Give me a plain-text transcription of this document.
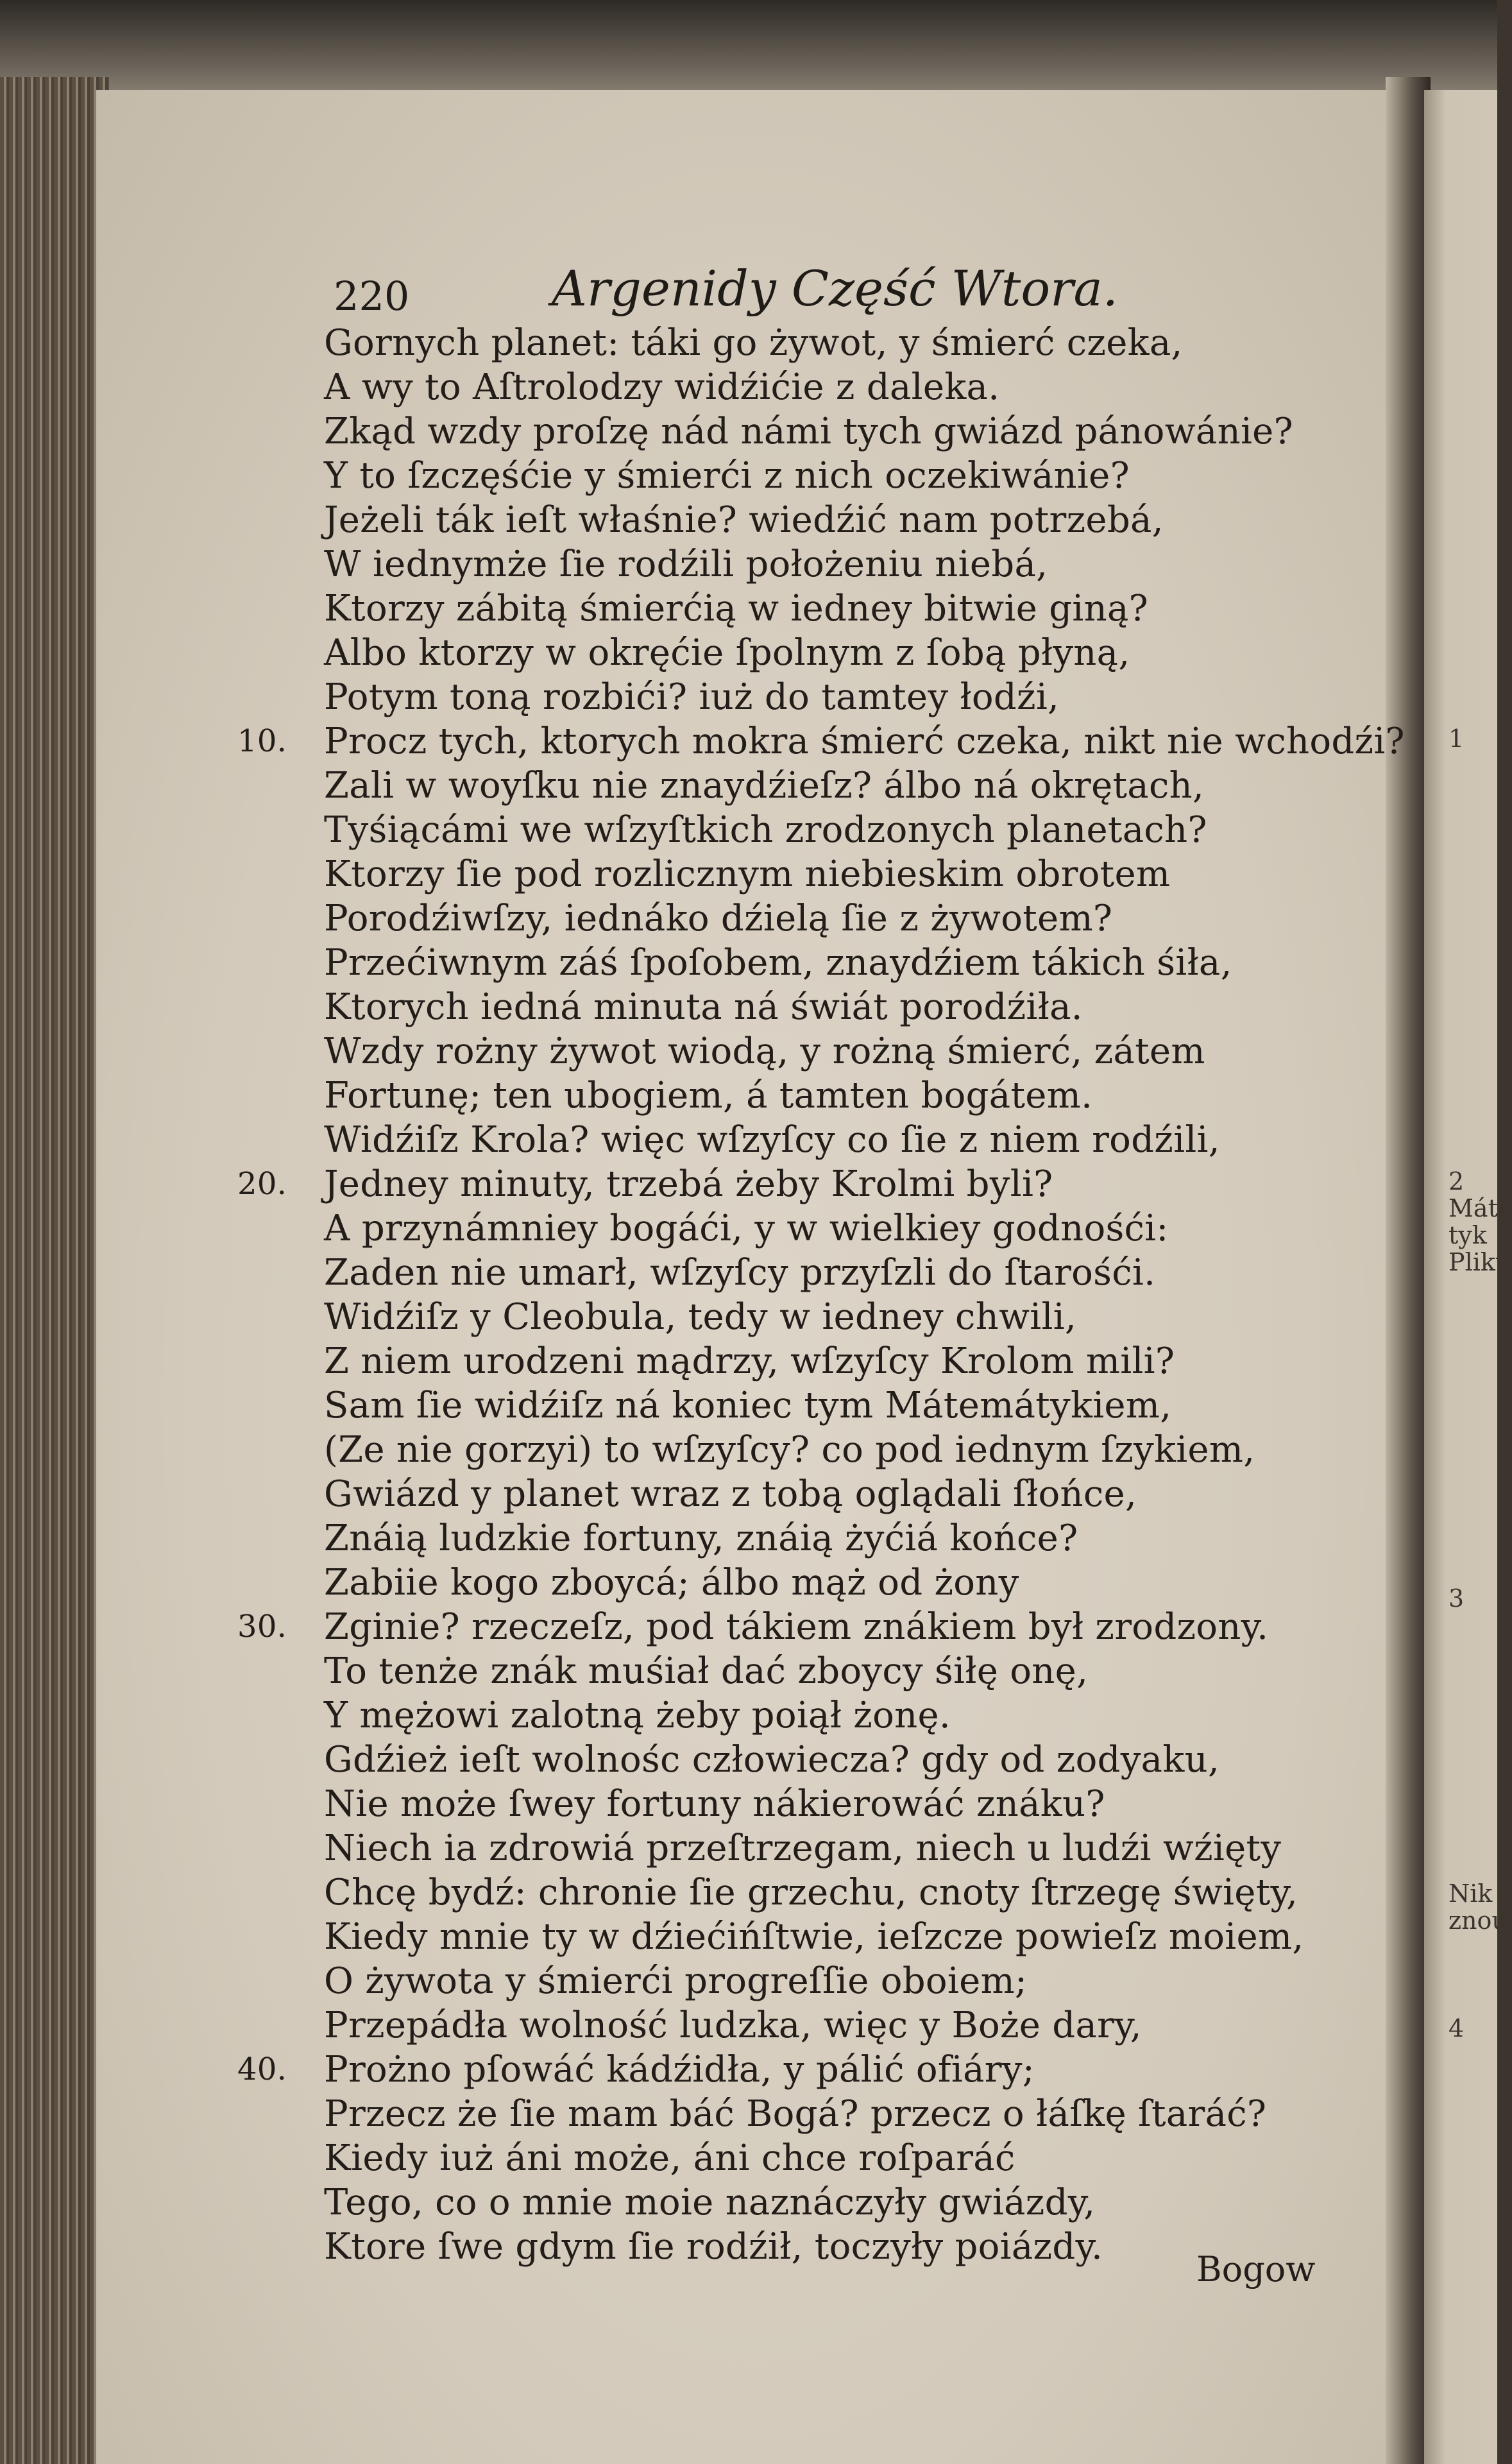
1
2
Máte
tyk
Pliku
3
Nik
znou
4
220	Argenidy Część Wtora.
Gornych planet: táki go żywot, y śmierć czeka,
A wy to Aſtrolodzy widźićie z daleka.
Zkąd wzdy proſzę nád námi tych gwiázd pánowánie?
Y to ſzczęśćie y śmierći z nich oczekiwánie?
Jeżeli ták ieſt właśnie? wiedźić nam potrzebá,
W iednymże ſie rodźili położeniu niebá,
Ktorzy zábitą śmierćią w iedney bitwie giną?
Albo ktorzy w okręćie ſpolnym z ſobą płyną,
Potym toną rozbići? iuż do tamtey łodźi,
10. Procz tych, ktorych mokra śmierć czeka, nikt nie wchodźi?
Zali w woyſku nie znaydźieſz? álbo ná okrętach,
Tyśiącámi we wſzyſtkich zrodzonych planetach?
Ktorzy ſie pod rozlicznym niebieskim obrotem
Porodźiwſzy, iednáko dźielą ſie z żywotem?
Przećiwnym záś ſpoſobem, znaydźiem tákich śiła,
Ktorych iedná minuta ná świát porodźiła.
Wzdy rożny żywot wiodą, y rożną śmierć, zátem
Fortunę; ten ubogiem, á tamten bogátem.
Widźiſz Krola? więc wſzyſcy co ſie z niem rodźili,
20. Jedney minuty, trzebá żeby Krolmi byli?
A przynámniey bogáći, y w wielkiey godnośći:
Zaden nie umarł, wſzyſcy przyſzli do ſtarośći.
Widźiſz y Cleobula, tedy w iedney chwili,
Z niem urodzeni mądrzy, wſzyſcy Krolom mili?
Sam ſie widźiſz ná koniec tym Mátemátykiem,
(Ze nie gorzyi) to wſzyſcy? co pod iednym ſzykiem,
Gwiázd y planet wraz z tobą oglądali ſłońce,
Znáią ludzkie fortuny, znáią żyćiá końce?
Zabiie kogo zboycá; álbo mąż od żony
30. Zginie? rzeczeſz, pod tákiem znákiem był zrodzony.
To tenże znák muśiał dać zboycy śiłę onę,
Y mężowi zalotną żeby poiął żonę.
Gdźież ieſt wolnośc człowiecza? gdy od zodyaku,
Nie może ſwey fortuny nákierowáć znáku?
Niech ia zdrowiá przeſtrzegam, niech u ludźi wźięty
Chcę bydź: chronie ſie grzechu, cnoty ſtrzegę święty,
Kiedy mnie ty w dźiećińſtwie, ieſzcze powieſz moiem,
O żywota y śmierći progreſſie oboiem;
Przepádła wolność ludzka, więc y Boże dary,
40. Prożno pſowáć kádźidła, y pálić ofiáry;
Przecz że ſie mam báć Bogá? przecz o łáſkę ſtaráć?
Kiedy iuż áni może, áni chce roſparáć
Tego, co o mnie moie naznáczyły gwiázdy,
Ktore ſwe gdym ſie rodźił, toczyły poiázdy.
Bogow
